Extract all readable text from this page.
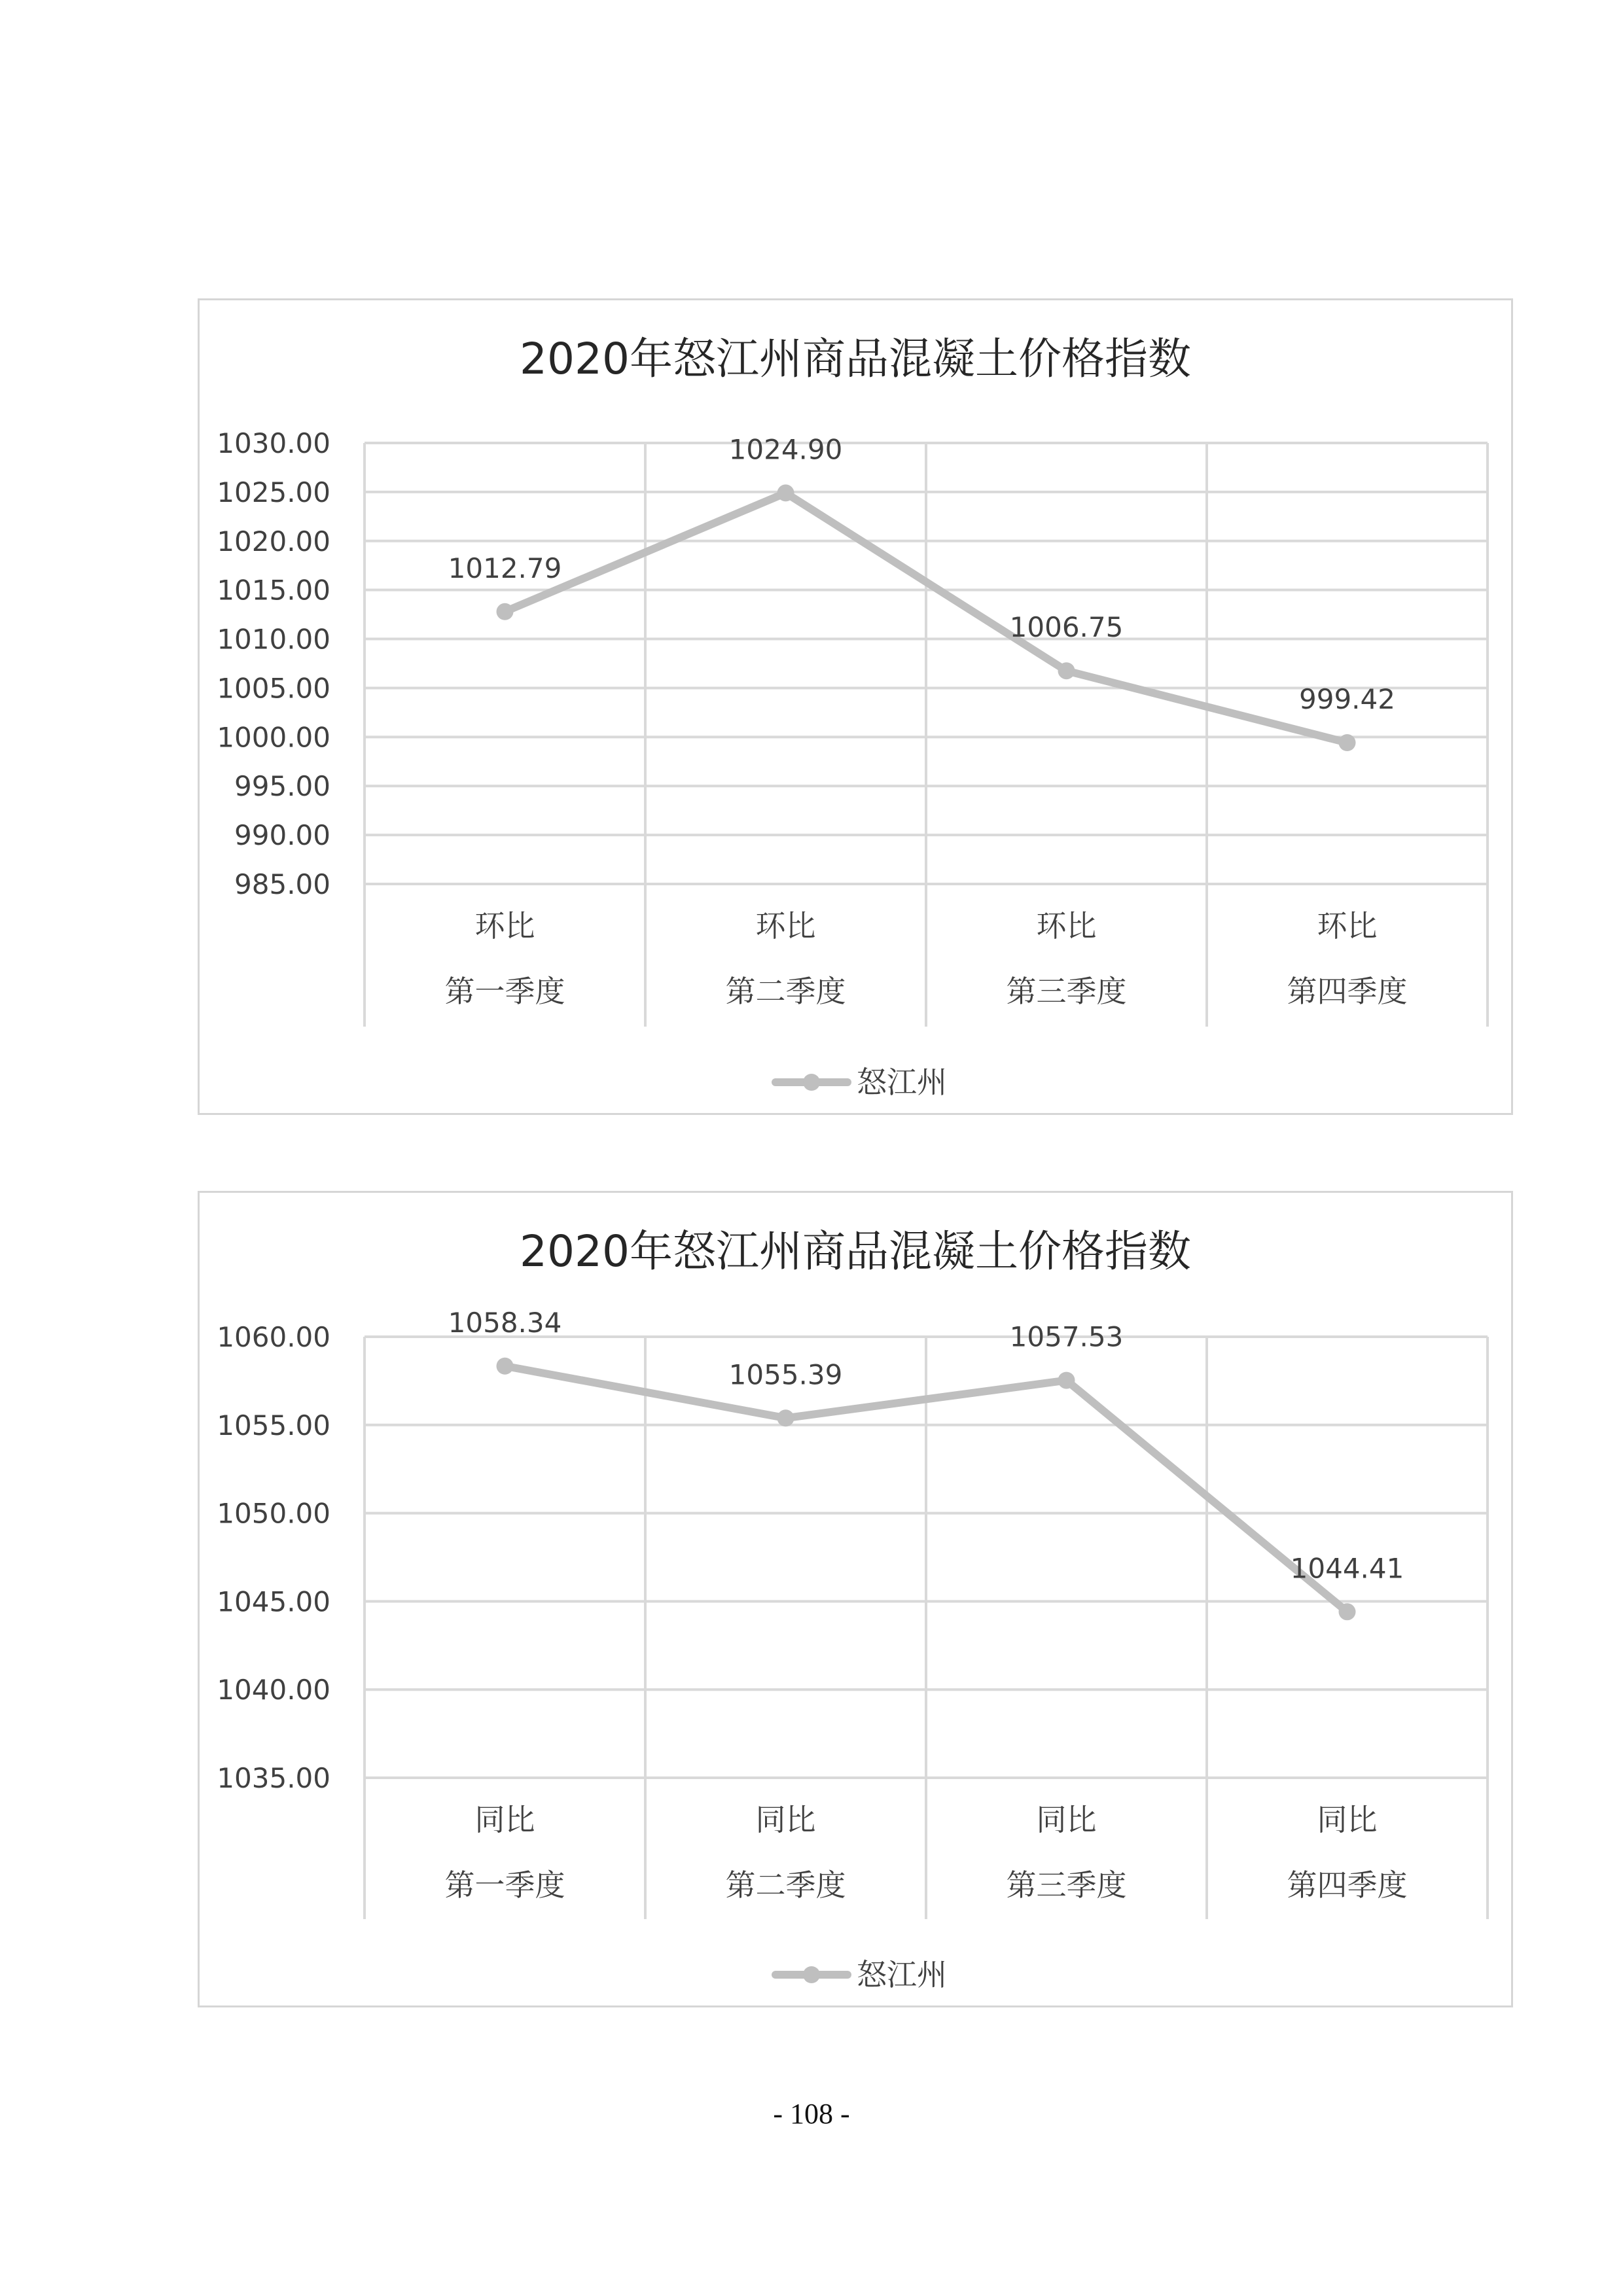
2020年怒江州商品混凝土价格指数
1030.00
1025.00
1020.00
1015.00
1010.00
1005.00
1000.00
995.00
990.00
985.00
环比
第一季度
环比
第二季度
环比
第三季度
环比
第四季度
1012.79
1024.90
1006.75
999.42
怒江州
2020年怒江州商品混凝土价格指数
1060.00
1055.00
1050.00
1045.00
1040.00
1035.00
同比
第一季度
同比
第二季度
同比
第三季度
同比
第四季度
1058.34
1055.39
1057.53
1044.41
怒江州
- 108 -
